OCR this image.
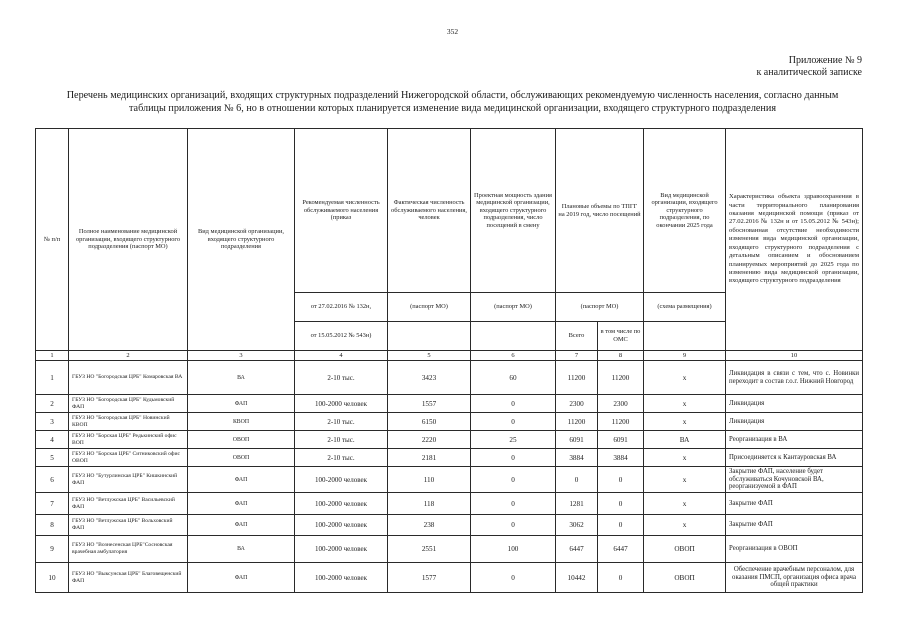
352
Приложение № 9
к аналитической записке
Перечень медицинских организаций, входящих структурных подразделений Нижегородской области, обслуживающих рекомендуемую численность населения, согласно данным
таблицы приложения № 6, но в отношении которых планируется изменение вида медицинской организации, входящего структурного подразделения
№ п/п	Полное наименование медицинской организации, входящего структурного подразделения (паспорт МО)	Вид медицинской организации, входящего структурного подразделения	Рекомендуемая численность обслуживаемого населения (приказ	Фактическая численность обслуживаемого населения, человек	Проектная мощность здания медицинской организации, входящего структурного подразделения, число посещений в смену	Плановые объемы по ТПГГ на 2019 год, число посещений		Вид медицинской организации, входящего структурного подразделения, по окончании 2025 года	Характеристика объекта здравоохранения в части территориального планирования оказания медицинской помощи (приказ от 27.02.2016 № 132н и от 15.05.2012 № 543н); обоснованная отсутствие необходимости изменения вида медицинской организации, входящего структурного подразделения с детальным описанием и обоснованием планируемых мероприятий до 2025 года по изменению вида медицинской организации, входящего структурного подразделения
			от 27.02.2016 № 132н,	(паспорт МО)	(паспорт МО)	(паспорт МО)		(схема размещения)	
			от 15.05.2012 № 543н)			Всего	в том числе по ОМС		
1	2	3	4	5	6	7	8	9	10
1	ГБУЗ НО "Богородская ЦРБ" Комаровская ВА	ВА	2-10 тыс.	3423	60	11200	11200	х	Ликвидация в связи с тем, что с. Новинки переходит в состав г.о.г. Нижний Новгород
2	ГБУЗ НО "Богородская ЦРБ" Кудьмовский ФАП	ФАП	100-2000 человек	1557	0	2300	2300	х	Ликвидация
3	ГБУЗ НО "Богородская ЦРБ" Новинский КВОП	КВОП	2-10 тыс.	6150	0	11200	11200	х	Ликвидация
4	ГБУЗ НО "Борская ЦРБ" Редькинский офис ВОП	ОВОП	2-10 тыс.	2220	25	6091	6091	ВА	Реорганизация в ВА
5	ГБУЗ НО "Борская ЦРБ" Ситниковский офис ОВОП	ОВОП	2-10 тыс.	2181	0	3884	3884	х	Присоединяется к Кантауровская ВА
6	ГБУЗ НО "Бутурлинская ЦРБ" Кишкинский ФАП	ФАП	100-2000 человек	110	0	0	0	х	Закрытие ФАП, население будет обслуживаться Кочуновской ВА, реорганизуемой в ФАП
7	ГБУЗ НО "Ветлужская ЦРБ" Васильевский ФАП	ФАП	100-2000 человек	118	0	1281	0	х	Закрытие ФАП
8	ГБУЗ НО "Ветлужская ЦРБ" Вольховский ФАП	ФАП	100-2000 человек	238	0	3062	0	х	Закрытие ФАП
9	ГБУЗ НО "Вознесенская ЦРБ"Сосновская врачебная амбулатория	ВА	100-2000 человек	2551	100	6447	6447	ОВОП	Реорганизация в ОВОП
10	ГБУЗ НО "Выксунская ЦРБ" Благовещенский ФАП	ФАП	100-2000 человек	1577	0	10442	0	ОВОП	Обеспечение врачебным персоналом, для оказания ПМСП, организация офиса врача общей практики
